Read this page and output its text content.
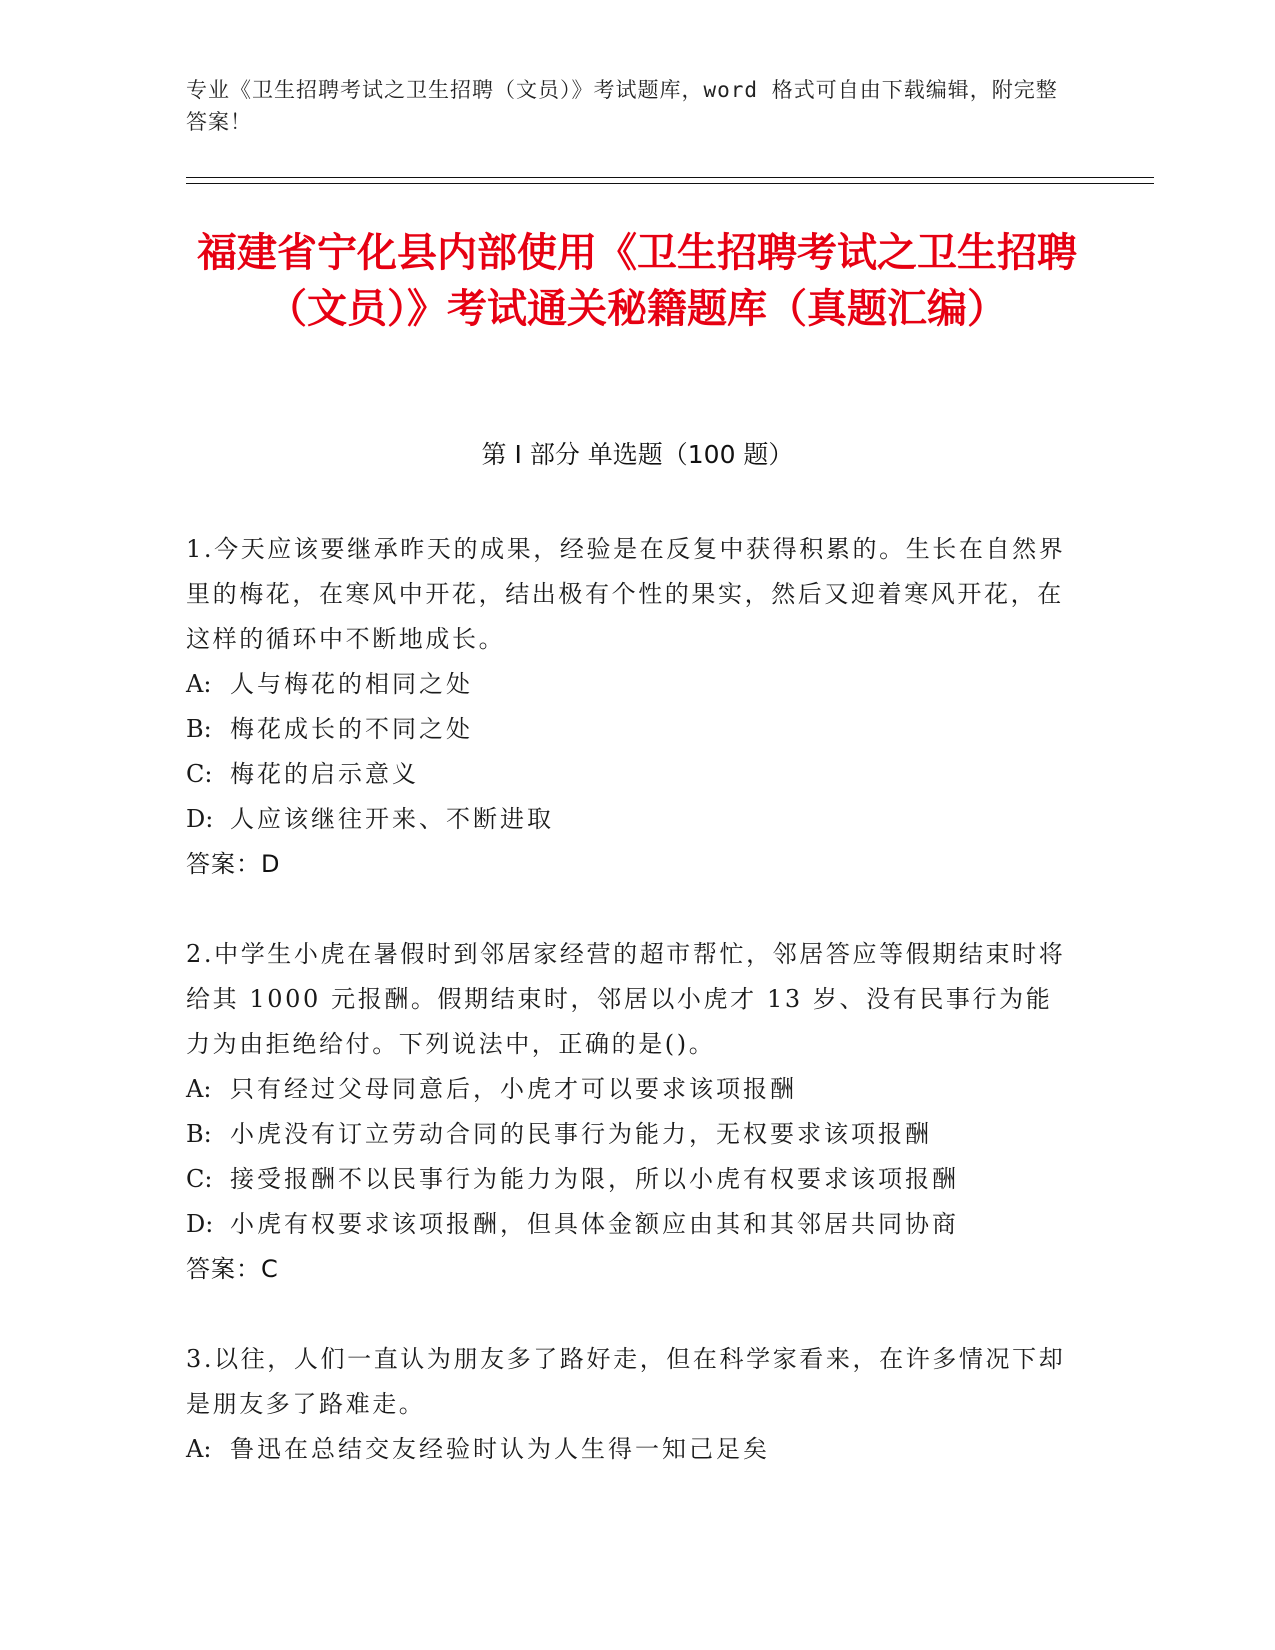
专业《卫生招聘考试之卫生招聘（文员）》考试题库，word 格式可自由下载编辑，附完整答案！
福建省宁化县内部使用《卫生招聘考试之卫生招聘（文员）》考试通关秘籍题库（真题汇编）
第 I 部分 单选题（100 题）
1.今天应该要继承昨天的成果，经验是在反复中获得积累的。生长在自然界里的梅花，在寒风中开花，结出极有个性的果实，然后又迎着寒风开花，在这样的循环中不断地成长。
A: 人与梅花的相同之处
B: 梅花成长的不同之处
C: 梅花的启示意义
D: 人应该继往开来、不断进取
答案：D
2.中学生小虎在暑假时到邻居家经营的超市帮忙，邻居答应等假期结束时将给其 1000 元报酬。假期结束时，邻居以小虎才 13 岁、没有民事行为能力为由拒绝给付。下列说法中，正确的是()。
A: 只有经过父母同意后，小虎才可以要求该项报酬
B: 小虎没有订立劳动合同的民事行为能力，无权要求该项报酬
C: 接受报酬不以民事行为能力为限，所以小虎有权要求该项报酬
D: 小虎有权要求该项报酬，但具体金额应由其和其邻居共同协商
答案：C
3.以往，人们一直认为朋友多了路好走，但在科学家看来，在许多情况下却是朋友多了路难走。
A: 鲁迅在总结交友经验时认为人生得一知己足矣
